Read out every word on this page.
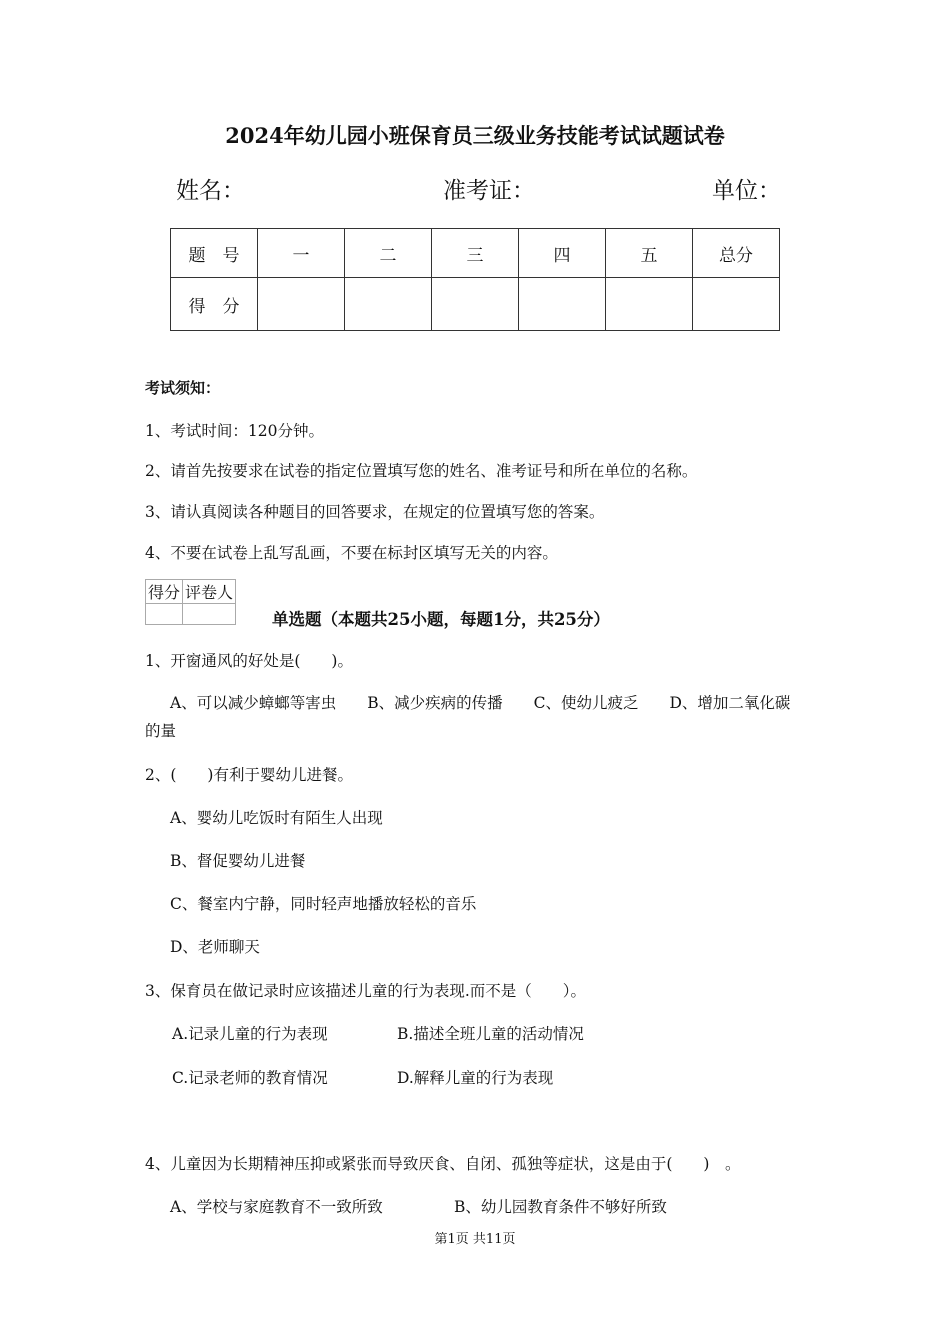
2024年幼儿园小班保育员三级业务技能考试试题试卷
姓名：	准考证：	单位：
题　号	一	二	三	四	五	总分
得　分						
考试须知：
1、考试时间：120分钟。
2、请首先按要求在试卷的指定位置填写您的姓名、准考证号和所在单位的名称。
3、请认真阅读各种题目的回答要求，在规定的位置填写您的答案。
4、不要在试卷上乱写乱画，不要在标封区填写无关的内容。
得分	评卷人

单选题（本题共25小题，每题1分，共25分）
1、开窗通风的好处是(　　)。
A、可以减少蟑螂等害虫　　B、减少疾病的传播　　C、使幼儿疲乏　　D、增加二氧化碳
的量
2、(　　)有利于婴幼儿进餐。
A、婴幼儿吃饭时有陌生人出现
B、督促婴幼儿进餐
C、餐室内宁静，同时轻声地播放轻松的音乐
D、老师聊天
3、保育员在做记录时应该描述儿童的行为表现.而不是（　　）。
A.记录儿童的行为表现	B.描述全班儿童的活动情况
C.记录老师的教育情况	D.解释儿童的行为表现
4、儿童因为长期精神压抑或紧张而导致厌食、自闭、孤独等症状，这是由于(　　)　。
A、学校与家庭教育不一致所致	B、幼儿园教育条件不够好所致
第1页 共11页
